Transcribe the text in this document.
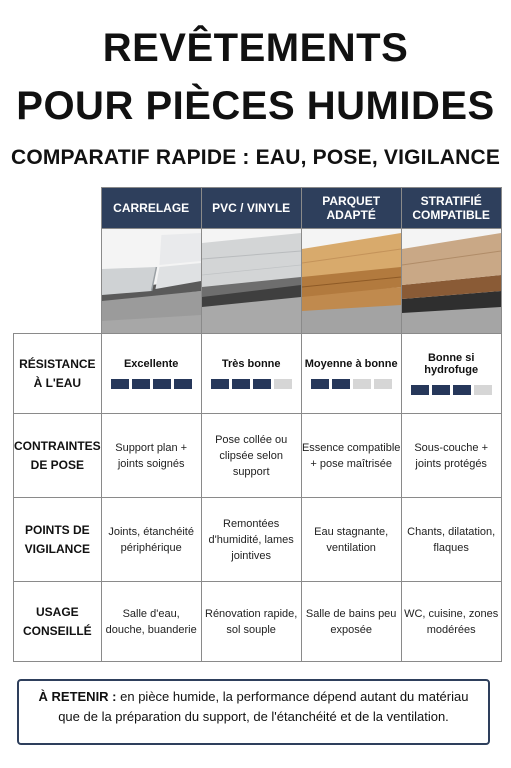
REVÊTEMENTS
POUR PIÈCES HUMIDES
COMPARATIF RAPIDE : EAU, POSE, VIGILANCE
	CARRELAGE	PVC / VINYLE	PARQUET ADAPTÉ	STRATIFIÉ COMPATIBLE

RÉSISTANCE À L'EAU	Excellente	Très bonne	Moyenne à bonne	Bonne si hydrofuge

CONTRAINTES DE POSE	Support plan + joints soignés	Pose collée ou clipsée selon support	Essence compatible + pose maîtrisée	Sous-couche + joints protégés
POINTS DE VIGILANCE	Joints, étanchéité périphérique	Remontées d'humidité, lames jointives	Eau stagnante, ventilation	Chants, dilatation, flaques
USAGE CONSEILLÉ	Salle d'eau, douche, buanderie	Rénovation rapide, sol souple	Salle de bains peu exposée	WC, cuisine, zones modérées
À RETENIR : en pièce humide, la performance dépend autant du matériau que de la préparation du support, de l'étanchéité et de la ventilation.
